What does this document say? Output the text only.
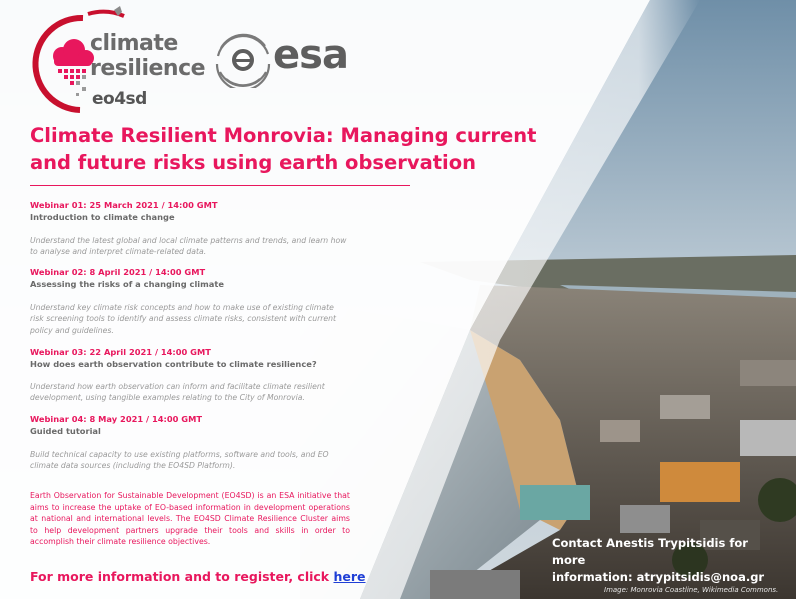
climate
resilience
eo4sd
esa
Climate Resilient Monrovia: Managing current and future risks using earth observation
Webinar 01: 25 March 2021 / 14:00 GMT
Introduction to climate change
Understand the latest global and local climate patterns and trends, and learn how to analyse and interpret climate-related data.
Webinar 02: 8 April 2021 / 14:00 GMT
Assessing the risks of a changing climate
Understand key climate risk concepts and how to make use of existing climate risk screening tools to identify and assess climate risks, consistent with current policy and guidelines.
Webinar 03: 22 April 2021 / 14:00 GMT
How does earth observation contribute to climate resilience?
Understand how earth observation can inform and facilitate climate resilient development, using tangible examples relating to the City of Monrovia.
Webinar 04: 8 May 2021 / 14:00 GMT
Guided tutorial
Build technical capacity to use existing platforms, software and tools, and EO climate data sources (including the EO4SD Platform).
Earth Observation for Sustainable Development (EO4SD) is an ESA initiative that aims to increase the uptake of EO-based information in development operations at national and international levels. The EO4SD Climate Resilience Cluster aims to help development partners upgrade their tools and skills in order to accomplish their climate resilience objectives.
For more information and to register, click here
Contact Anestis Trypitsidis for more
information: atrypitsidis@noa.gr
Image: Monrovia Coastline, Wikimedia Commons.
